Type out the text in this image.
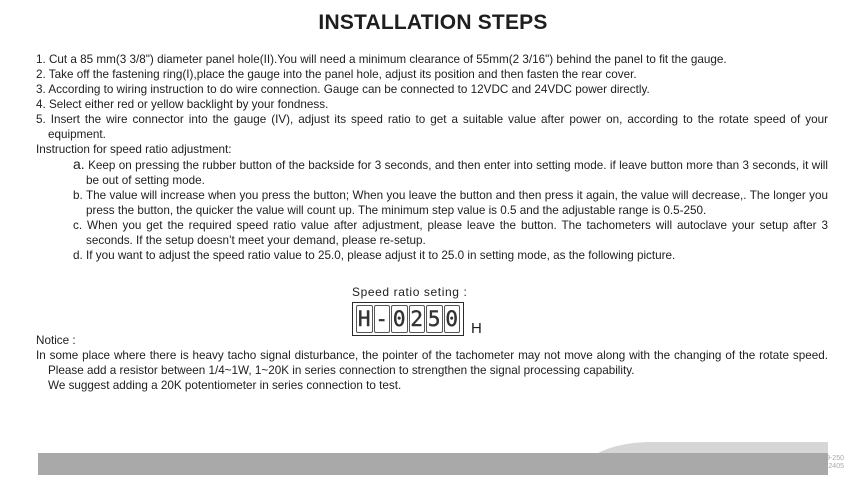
INSTALLATION STEPS

1. Cut a 85 mm(3 3/8") diameter panel hole(II).You will need a minimum clearance of 55mm(2 3/16") behind the panel to fit the gauge.

2. Take off the fastening ring(I),place the gauge into the panel hole, adjust its position and then fasten the rear cover.

3. According to wiring instruction to do wire connection. Gauge can be connected to 12VDC and 24VDC power directly.

4. Select either red or yellow backlight by your fondness.

5. Insert the wire connector into the gauge (IV), adjust its speed ratio to get a suitable value after power on, according to the rotate speed of your equipment.

Instruction for speed ratio adjustment:

a. Keep on pressing the rubber button of the backside for 3 seconds, and then enter into setting mode. if leave button more than 3 seconds, it will be out of setting mode.

b. The value will increase when you press the button; When you leave the button and then press it again, the value will decrease,. The longer you press the button, the quicker the value will count up. The minimum step value is 0.5 and the adjustable range is 0.5-250.

c. When you get the required speed ratio value after adjustment, please leave the button. The tachometers will autoclave your setup after 3 seconds. If the setup doesn’t meet your demand, please re-setup.

d. If you want to adjust the speed ratio value to 25.0, please adjust it to 25.0 in setting mode, as the following picture.

Speed ratio seting :
H - 0 2 5 0 H

Notice :

In some place where there is heavy tacho signal disturbance, the pointer of the tachometer may not move along with the changing of the rotate speed. Please add a resistor between 1/4~1W, 1~20K in series connection to strengthen the signal processing capability.

We suggest adding a 20K potentiometer in series connection to test.

0-9-250
SY2405
